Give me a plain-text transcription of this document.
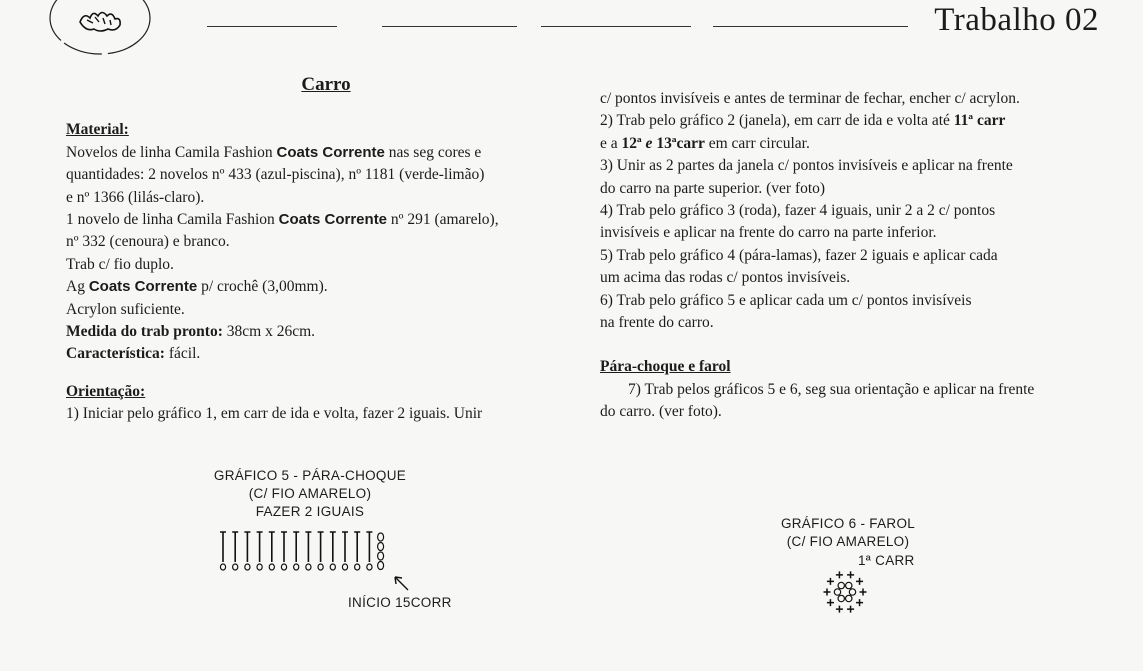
Trabalho 02

Carro

Material:

Novelos de linha Camila Fashion Coats Corrente nas seg cores e

quantidades: 2 novelos nº 433 (azul-piscina), nº 1181 (verde-limão)

e nº 1366 (lilás-claro).

1 novelo de linha Camila Fashion Coats Corrente nº 291 (amarelo),

nº 332 (cenoura) e branco.

Trab c/ fio duplo.

Ag Coats Corrente p/ crochê (3,00mm).

Acrylon suficiente.

Medida do trab pronto: 38cm x 26cm.

Característica: fácil.

Orientação:

1) Iniciar pelo gráfico 1, em carr de ida e volta, fazer 2 iguais. Unir

c/ pontos invisíveis e antes de terminar de fechar, encher c/ acrylon.

2) Trab pelo gráfico 2 (janela), em carr de ida e volta até 11ª carr

e a 12ª e 13ªcarr em carr circular.

3) Unir as 2 partes da janela c/ pontos invisíveis e aplicar na frente

do carro na parte superior. (ver foto)

4) Trab pelo gráfico 3 (roda), fazer 4 iguais, unir 2 a 2 c/ pontos

invisíveis e aplicar na frente do carro na parte inferior.

5) Trab pelo gráfico 4 (pára-lamas), fazer 2 iguais e aplicar cada

um acima das rodas c/ pontos invisíveis.

6) Trab pelo gráfico 5 e aplicar cada um c/ pontos invisíveis

na frente do carro.

Pára-choque e farol

7) Trab pelos gráficos 5 e 6, seg sua orientação e aplicar na frente

do carro. (ver foto).

GRÁFICO 5 - PÁRA-CHOQUE
(C/ FIO AMARELO)
FAZER 2 IGUAIS
INÍCIO 15CORR
GRÁFICO 6 - FAROL
(C/ FIO AMARELO)
1ª CARR
